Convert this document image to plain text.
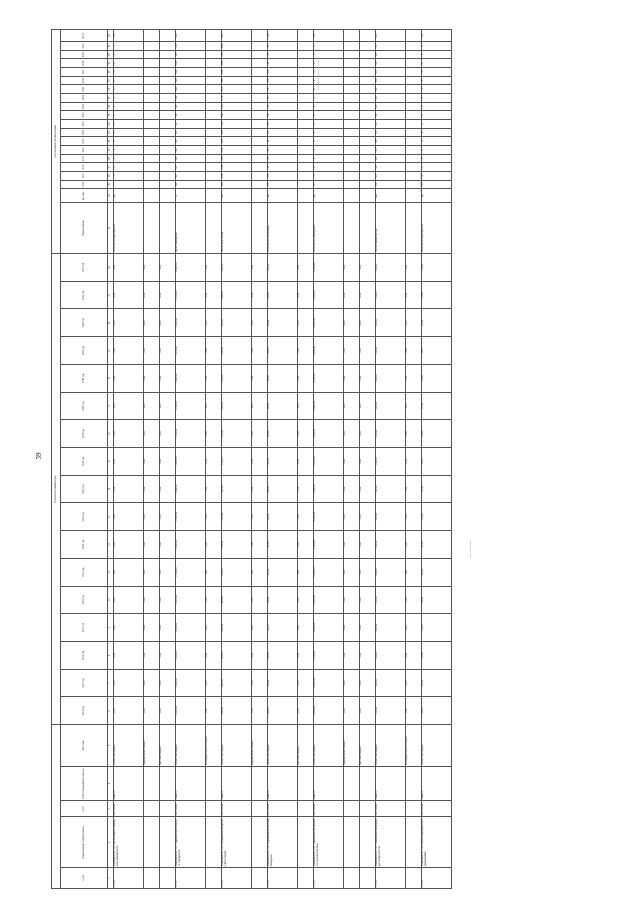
39
					Показатели (индикаторы)																	результативности выполнения																			
№ п/п	Наименование подпрограммы	Срок	Ответственный исполнитель	Источник	2014 год	2015 год	2016 год	2017 год	2018 год	2019 год	2020 год	2021 год	2022 год	2023 год	2024 год	2025 год	2026 год	2027 год	2028 год	2029 год	2030 год	Наименование	Ед. изм.	2014	2015	2016	2017	2018	2019	2020	2021	2022	2023	2024	2025	2026	2027	2028	2029	2030	Итого
1	2	3	4	5	6	7	8	9	10	11	12	13	14	15	16	17	18	19	20	21	22	23	24	25	26	27	28	29	30	31	32	33	34	35	36	37	38	39	40	41	42
1.1.10	Мероприятие 1.10. Организация и проведение мероприятий	2014-2030	Комитет	областной бюджет	0,00	0,00	0,00	0,00	0,00	0,00	0,00	0,00	0,00	0,00	0,00	0,00	0,00	0,00	0,00	0,00	0,00	Количество мероприятий	ед.	-	1	1	1	1	1	1	1	1	1	1	1	1	1	1	1	1	16
				федеральный бюджет	0,00	0,00	0,00	0,00	0,00	0,00	0,00	0,00	0,00	0,00	0,00	0,00	0,00	0,00	0,00	0,00	0,00																				
				местный бюджет	0,00	0,00	0,00	0,00	0,00	0,00	0,00	0,00	0,00	0,00	0,00	0,00	0,00	0,00	0,00	0,00	0,00																				
1.1.11	Мероприятие 1.11. Поддержка деятельности учреждений	2014-2030	Комитет	областной бюджет	1 200,00	1 250,00	1 300,00	1 350,00	1 400,00	1 450,00	1 500,00	1 550,00	1 600,00	1 650,00	1 700,00	1 750,00	1 800,00	1 850,00	1 900,00	1 950,00	2 000,00	Доля учреждений	%	80	82	84	86	88	90	92	94	96	98	100	100	100	100	100	100	100	100
				внебюджетные источники	0,00	0,00	0,00	0,00	0,00	0,00	0,00	0,00	0,00	0,00	0,00	0,00	0,00	0,00	0,00	0,00	0,00																				
1.1.12	Мероприятие 1.12. Проведение конкурсов и фестивалей	2014-2030	Комитет	областной бюджет	350,00	360,00	370,00	380,00	390,00	400,00	410,00	420,00	430,00	440,00	450,00	460,00	470,00	480,00	490,00	500,00	510,00	Число участников	чел.	120	125	130	135	140	145	150	155	160	165	170	175	180	185	190	195	200	200
				федеральный бюджет	0,00	0,00	0,00	0,00	0,00	0,00	0,00	0,00	0,00	0,00	0,00	0,00	0,00	0,00	0,00	0,00	0,00																				
1.1.13	Мероприятие 1.13. Информационное сопровождение	2014-2030	Комитет	областной бюджет	80,00	80,00	80,00	80,00	80,00	80,00	80,00	80,00	80,00	80,00	80,00	80,00	80,00	80,00	80,00	80,00	80,00	Количество публикаций	ед.	10	10	10	10	10	10	10	10	10	10	10	10	10	10	10	10	10	170
				местный бюджет	0,00	0,00	0,00	0,00	0,00	0,00	0,00	0,00	0,00	0,00	0,00	0,00	0,00	0,00	0,00	0,00	0,00																				
1.1.14	Мероприятие 1.14. Укрепление материально-технической базы	2014-2030	Комитет	областной бюджет	2 500,00	2 600,00	2 700,00	2 800,00	2 900,00	3 000,00	3 100,00	3 200,00	3 300,00	3 400,00	3 500,00	3 600,00	3 700,00	3 800,00	3 900,00	4 000,00	4 100,00	Количество учреждений	ед.	2	2	2	2	2	2	2	2	2	2	2	2	2	2	2	2	2	34
				федеральный бюджет	0,00	0,00	0,00	0,00	0,00	0,00	0,00	0,00	0,00	0,00	0,00	0,00	0,00	0,00	0,00	0,00	0,00																				
				местный бюджет	0,00	0,00	0,00	0,00	0,00	0,00	0,00	0,00	0,00	0,00	0,00	0,00	0,00	0,00	0,00	0,00	0,00																				
1.1.15	Мероприятие 1.15. Повышение квалификации специалистов	2014-2030	Комитет	областной бюджет	150,00	150,00	150,00	150,00	150,00	150,00	150,00	150,00	150,00	150,00	150,00	150,00	150,00	150,00	150,00	150,00	150,00	Число специалистов	чел.	25	25	25	25	25	25	25	25	25	25	25	25	25	25	25	25	25	425
				внебюджетные источники	0,00	0,00	0,00	0,00	0,00	0,00	0,00	0,00	0,00	0,00	0,00	0,00	0,00	0,00	0,00	0,00	0,00																				
1.1.16	Мероприятие 1.16. Прочие мероприятия подпрограммы	2014-2030	Комитет	областной бюджет	40,00	40,00	40,00	40,00	40,00	40,00	40,00	40,00	40,00	40,00	40,00	40,00	40,00	40,00	40,00	40,00	40,00	Количество мероприятий	ед.	3	3	3	3	3	3	3	3	3	3	3	3	3	3	3	3	3	51
